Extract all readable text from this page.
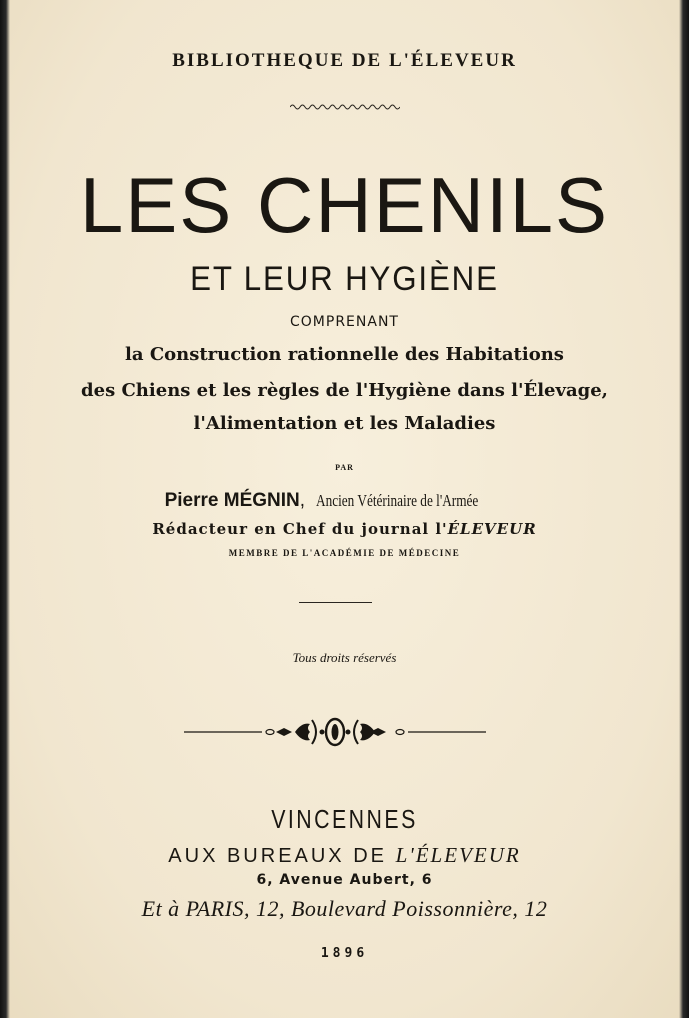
BIBLIOTHEQUE DE L'ÉLEVEUR
LES CHENILS
ET LEUR HYGIÈNE
COMPRENANT
la Construction rationnelle des Habitations
des Chiens et les règles de l'Hygiène dans l'Élevage,
l'Alimentation et les Maladies
PAR
Pierre MÉGNIN, Ancien Vétérinaire de l'Armée
Rédacteur en Chef du journal l'ÉLEVEUR
MEMBRE DE L'ACADÉMIE DE MÉDECINE
Tous droits réservés
VINCENNES
AUX BUREAUX DE L'ÉLEVEUR
6, Avenue Aubert, 6
Et à PARIS, 12, Boulevard Poissonnière, 12
1896
